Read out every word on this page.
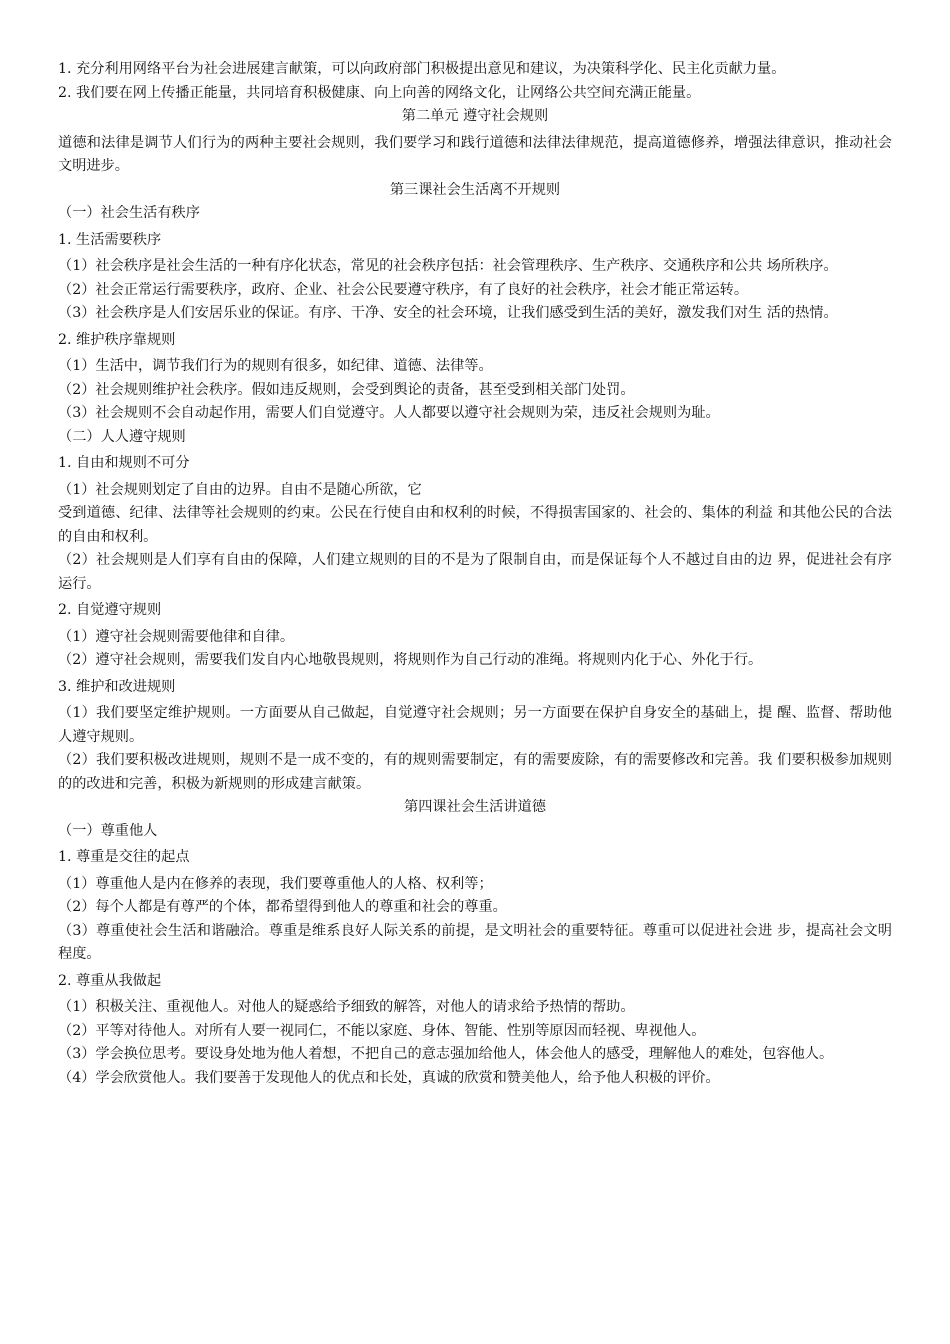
1. 充分利用网络平台为社会进展建言献策，可以向政府部门积极提出意见和建议，为决策科学化、民主化贡献力量。

2. 我们要在网上传播正能量，共同培育积极健康、向上向善的网络文化，让网络公共空间充满正能量。

第二单元 遵守社会规则

道德和法律是调节人们行为的两种主要社会规则，我们要学习和践行道德和法律法律规范，提高道德修养，增强法律意识，推动社会文明进步。

第三课社会生活离不开规则

（一）社会生活有秩序

1. 生活需要秩序

（1）社会秩序是社会生活的一种有序化状态，常见的社会秩序包括：社会管理秩序、生产秩序、交通秩序和公共 场所秩序。

（2）社会正常运行需要秩序，政府、企业、社会公民要遵守秩序，有了良好的社会秩序，社会才能正常运转。

（3）社会秩序是人们安居乐业的保证。有序、干净、安全的社会环境，让我们感受到生活的美好，激发我们对生 活的热情。

2. 维护秩序靠规则

（1）生活中，调节我们行为的规则有很多，如纪律、道德、法律等。

（2）社会规则维护社会秩序。假如违反规则，会受到舆论的责备，甚至受到相关部门处罚。

（3）社会规则不会自动起作用，需要人们自觉遵守。人人都要以遵守社会规则为荣，违反社会规则为耻。

（二）人人遵守规则

1. 自由和规则不可分

（1）社会规则划定了自由的边界。自由不是随心所欲，它

受到道德、纪律、法律等社会规则的约束。公民在行使自由和权利的时候，不得损害国家的、社会的、集体的利益 和其他公民的合法的自由和权利。

（2）社会规则是人们享有自由的保障，人们建立规则的目的不是为了限制自由，而是保证每个人不越过自由的边 界，促进社会有序运行。

2. 自觉遵守规则

（1）遵守社会规则需要他律和自律。

（2）遵守社会规则，需要我们发自内心地敬畏规则，将规则作为自己行动的准绳。将规则内化于心、外化于行。

3. 维护和改进规则

（1）我们要坚定维护规则。一方面要从自己做起，自觉遵守社会规则；另一方面要在保护自身安全的基础上，提 醒、监督、帮助他人遵守规则。

（2）我们要积极改进规则，规则不是一成不变的，有的规则需要制定，有的需要废除，有的需要修改和完善。我 们要积极参加规则的的改进和完善，积极为新规则的形成建言献策。

第四课社会生活讲道德

（一）尊重他人

1. 尊重是交往的起点

（1）尊重他人是内在修养的表现，我们要尊重他人的人格、权利等；

（2）每个人都是有尊严的个体，都希望得到他人的尊重和社会的尊重。

（3）尊重使社会生活和谐融洽。尊重是维系良好人际关系的前提，是文明社会的重要特征。尊重可以促进社会进 步，提高社会文明程度。

2. 尊重从我做起

（1）积极关注、重视他人。对他人的疑惑给予细致的解答，对他人的请求给予热情的帮助。

（2）平等对待他人。对所有人要一视同仁，不能以家庭、身体、智能、性别等原因而轻视、卑视他人。

（3）学会换位思考。要设身处地为他人着想，不把自己的意志强加给他人，体会他人的感受，理解他人的难处，包容他人。

（4）学会欣赏他人。我们要善于发现他人的优点和长处，真诚的欣赏和赞美他人，给予他人积极的评价。
